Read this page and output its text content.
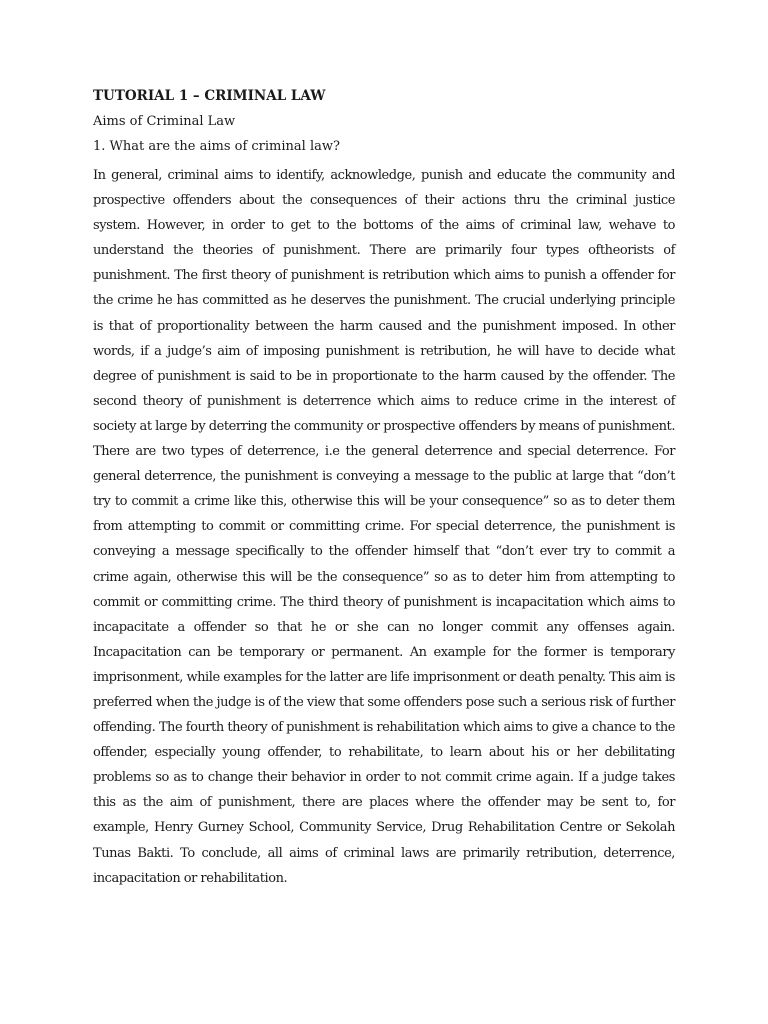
TUTORIAL 1 – CRIMINAL LAW

Aims of Criminal Law

1. What are the aims of criminal law?

In general, criminal aims to identify, acknowledge, punish and educate the community and prospective offenders about the consequences of their actions thru the criminal justice system. However, in order to get to the bottoms of the aims of criminal law, wehave to understand the theories of punishment. There are primarily four types oftheorists of punishment. The first theory of punishment is retribution which aims to punish a offender for the crime he has committed as he deserves the punishment. The crucial underlying principle is that of proportionality between the harm caused and the punishment imposed. In other words, if a judge’s aim of imposing punishment is retribution, he will have to decide what degree of punishment is said to be in proportionate to the harm caused by the offender. The second theory of punishment is deterrence which aims to reduce crime in the interest of society at large by deterring the community or prospective offenders by means of punishment. There are two types of deterrence, i.e the general deterrence and special deterrence. For general deterrence, the punishment is conveying a message to the public at large that “don’t try to commit a crime like this, otherwise this will be your consequence” so as to deter them from attempting to commit or committing crime. For special deterrence, the punishment is conveying a message specifically to the offender himself that “don’t ever try to commit a crime again, otherwise this will be the consequence” so as to deter him from attempting to commit or committing crime. The third theory of punishment is incapacitation which aims to incapacitate a offender so that he or she can no longer commit any offenses again. Incapacitation can be temporary or permanent. An example for the former is temporary imprisonment, while examples for the latter are life imprisonment or death penalty. This aim is preferred when the judge is of the view that some offenders pose such a serious risk of further offending. The fourth theory of punishment is rehabilitation which aims to give a chance to the offender, especially young offender, to rehabilitate, to learn about his or her debilitating problems so as to change their behavior in order to not commit crime again. If a judge takes this as the aim of punishment, there are places where the offender may be sent to, for example, Henry Gurney School, Community Service, Drug Rehabilitation Centre or Sekolah Tunas Bakti. To conclude, all aims of criminal laws are primarily retribution, deterrence, incapacitation or rehabilitation.
